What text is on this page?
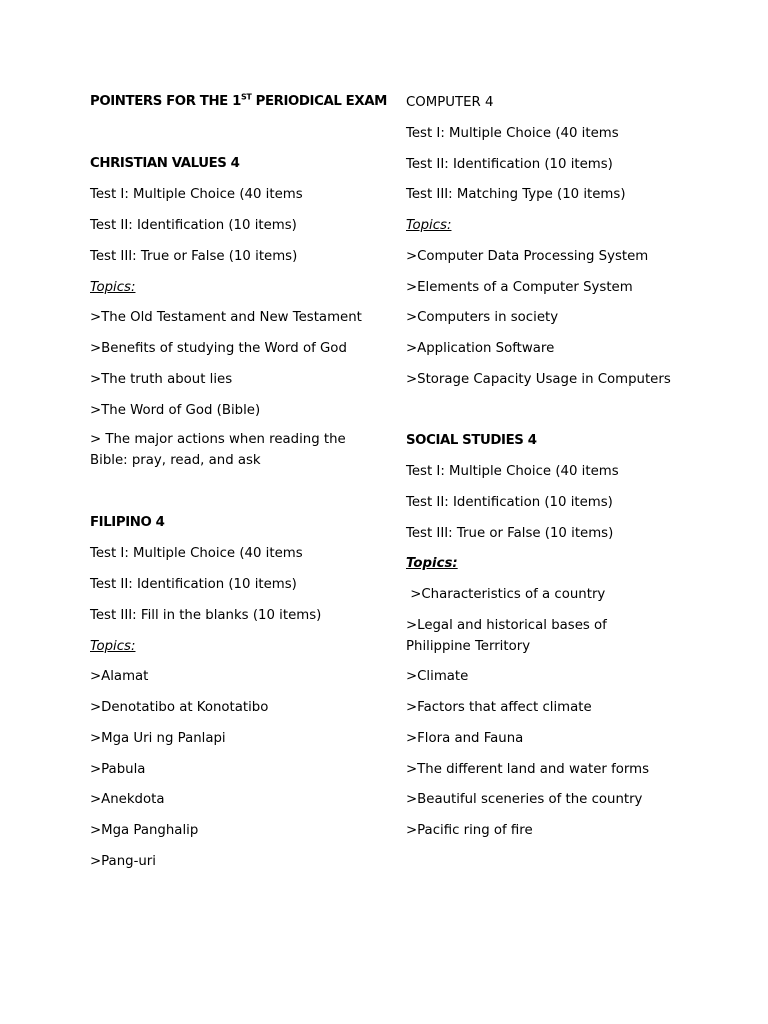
POINTERS FOR THE 1ST PERIODICAL EXAM
CHRISTIAN VALUES 4
Test I: Multiple Choice (40 items
Test II: Identification (10 items)
Test III: True or False (10 items)
Topics:
>The Old Testament and New Testament
>Benefits of studying the Word of God
>The truth about lies
>The Word of God (Bible)
> The major actions when reading the Bible: pray, read, and ask
FILIPINO 4
Test I: Multiple Choice (40 items
Test II: Identification (10 items)
Test III: Fill in the blanks (10 items)
Topics:
>Alamat
>Denotatibo at Konotatibo
>Mga Uri ng Panlapi
>Pabula
>Anekdota
>Mga Panghalip
>Pang-uri
COMPUTER 4
Test I: Multiple Choice (40 items
Test II: Identification (10 items)
Test III: Matching Type (10 items)
Topics:
>Computer Data Processing System
>Elements of a Computer System
>Computers in society
>Application Software
>Storage Capacity Usage in Computers
SOCIAL STUDIES 4
Test I: Multiple Choice (40 items
Test II: Identification (10 items)
Test III: True or False (10 items)
Topics:
>Characteristics of a country
>Legal and historical bases of Philippine Territory
>Climate
>Factors that affect climate
>Flora and Fauna
>The different land and water forms
>Beautiful sceneries of the country
>Pacific ring of fire
